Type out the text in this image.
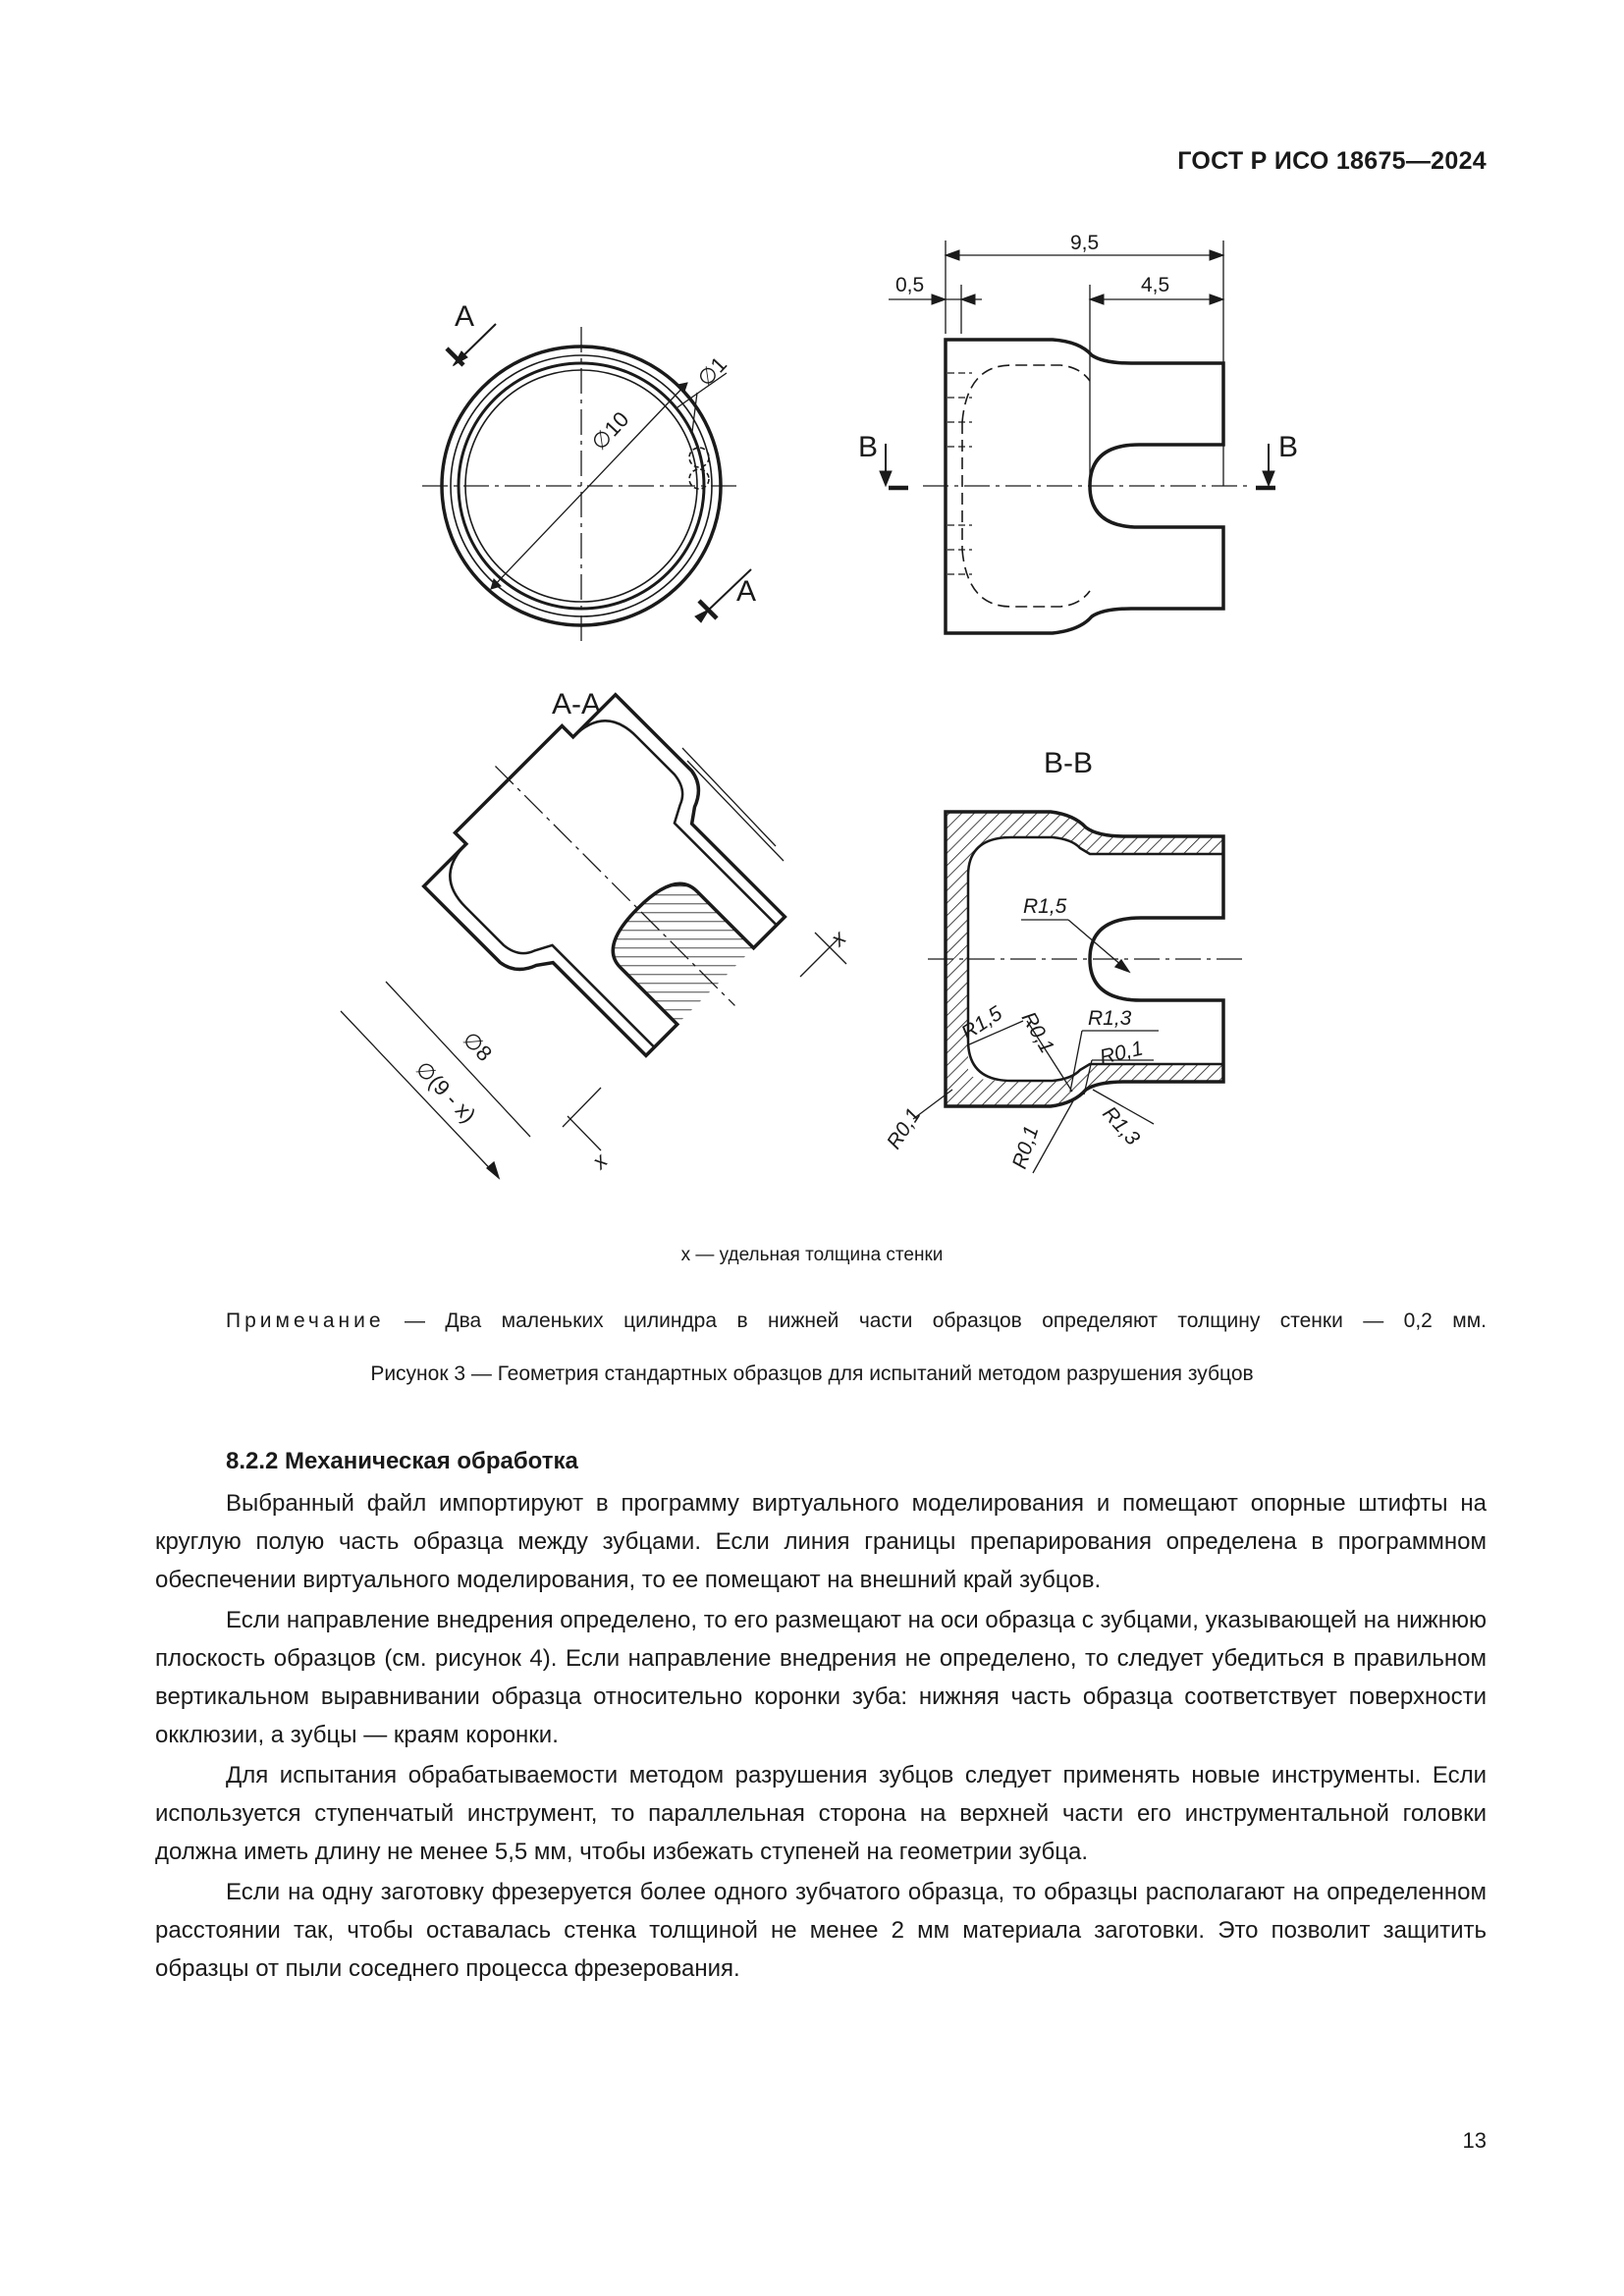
ГОСТ Р ИСО 18675—2024
A
A
∅10
∅1
9,5
0,5	4,5
B	B
A-A
∅8
∅(9 - x)
x
x
B-B
R1,5
R1,5 R0,1 R1,3
R0,1
R0,1	R0,1	R1,3
x — удельная толщина стенки
Примечание — Два маленьких цилиндра в нижней части образцов определяют толщину стенки — 0,2 мм.
Рисунок 3 — Геометрия стандартных образцов для испытаний методом разрушения зубцов
8.2.2 Механическая обработка

Выбранный файл импортируют в программу виртуального моделирования и помещают опорные штифты на круглую полую часть образца между зубцами. Если линия границы препарирования определена в программном обеспечении виртуального моделирования, то ее помещают на внешний край зубцов.

Если направление внедрения определено, то его размещают на оси образца с зубцами, указывающей на нижнюю плоскость образцов (см. рисунок 4). Если направление внедрения не определено, то следует убедиться в правильном вертикальном выравнивании образца относительно коронки зуба: нижняя часть образца соответствует поверхности окклюзии, а зубцы — краям коронки.

Для испытания обрабатываемости методом разрушения зубцов следует применять новые инструменты. Если используется ступенчатый инструмент, то параллельная сторона на верхней части его инструментальной головки должна иметь длину не менее 5,5 мм, чтобы избежать ступеней на геометрии зубца.

Если на одну заготовку фрезеруется более одного зубчатого образца, то образцы располагают на определенном расстоянии так, чтобы оставалась стенка толщиной не менее 2 мм материала заготовки. Это позволит защитить образцы от пыли соседнего процесса фрезерования.

13
